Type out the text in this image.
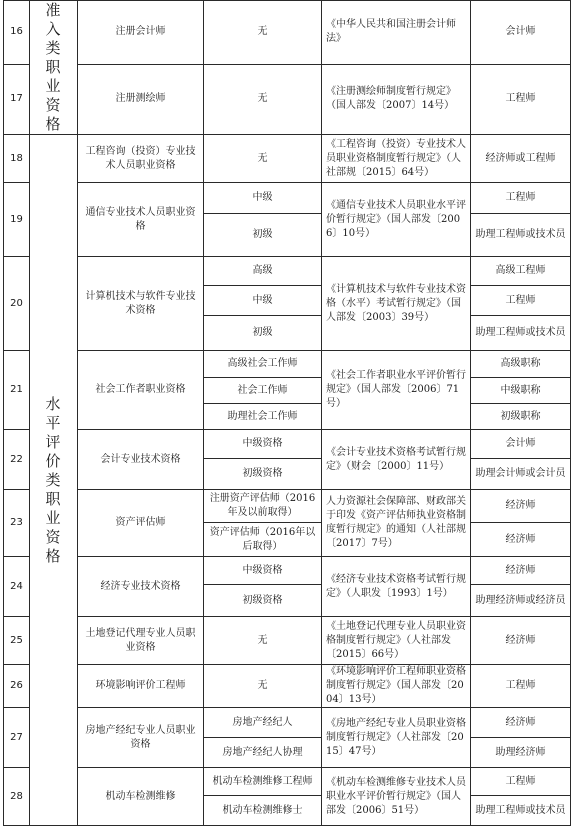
16	准入类职业资格	注册会计师	无	《中华人民共和国注册会计师法》	会计师
17		注册测绘师	无	《注册测绘师制度暂行规定》（国人部发〔2007〕14号）	工程师
18	水平评价类职业资格	工程咨询（投资）专业技术人员职业资格	无	《工程咨询（投资）专业技术人员职业资格制度暂行规定》（人社部规〔2015〕64号）	经济师或工程师
19		通信专业技术人员职业资格	中级	《通信专业技术人员职业水平评价暂行规定》（国人部发〔2006〕10号）	工程师
			初级		助理工程师或技术员
20		计算机技术与软件专业技术资格	高级	《计算机技术与软件专业技术资格（水平）考试暂行规定》（国人部发〔2003〕39号）	高级工程师
			中级		工程师
			初级		助理工程师或技术员
21		社会工作者职业资格	高级社会工作师	《社会工作者职业水平评价暂行规定》（国人部发〔2006〕71号）	高级职称
			社会工作师		中级职称
			助理社会工作师		初级职称
22		会计专业技术资格	中级资格	《会计专业技术资格考试暂行规定》（财会〔2000〕11号）	会计师
			初级资格		助理会计师或会计员
23		资产评估师	注册资产评估师（2016年及以前取得）	人力资源社会保障部、财政部关于印发《资产评估师执业资格制度暂行规定》的通知（人社部规〔2017〕7号）	经济师
			资产评估师（2016年以后取得）		经济师
24		经济专业技术资格	中级资格	《经济专业技术资格考试暂行规定》（人职发〔1993〕1号）	经济师
			初级资格		助理经济师或经济员
25		土地登记代理专业人员职业资格	无	《土地登记代理专业人员职业资格制度暂行规定》（人社部发〔2015〕66号）	经济师
26		环境影响评价工程师	无	《环境影响评价工程师职业资格制度暂行规定》（国人部发〔2004〕13号）	工程师
27		房地产经纪专业人员职业资格	房地产经纪人	《房地产经纪专业人员职业资格制度暂行规定》（人社部发〔2015〕47号）	经济师
			房地产经纪人协理		助理经济师
28		机动车检测维修	机动车检测维修工程师	《机动车检测维修专业技术人员职业水平评价暂行规定》（国人部发〔2006〕51号）	工程师
			机动车检测维修士		助理工程师或技术员
